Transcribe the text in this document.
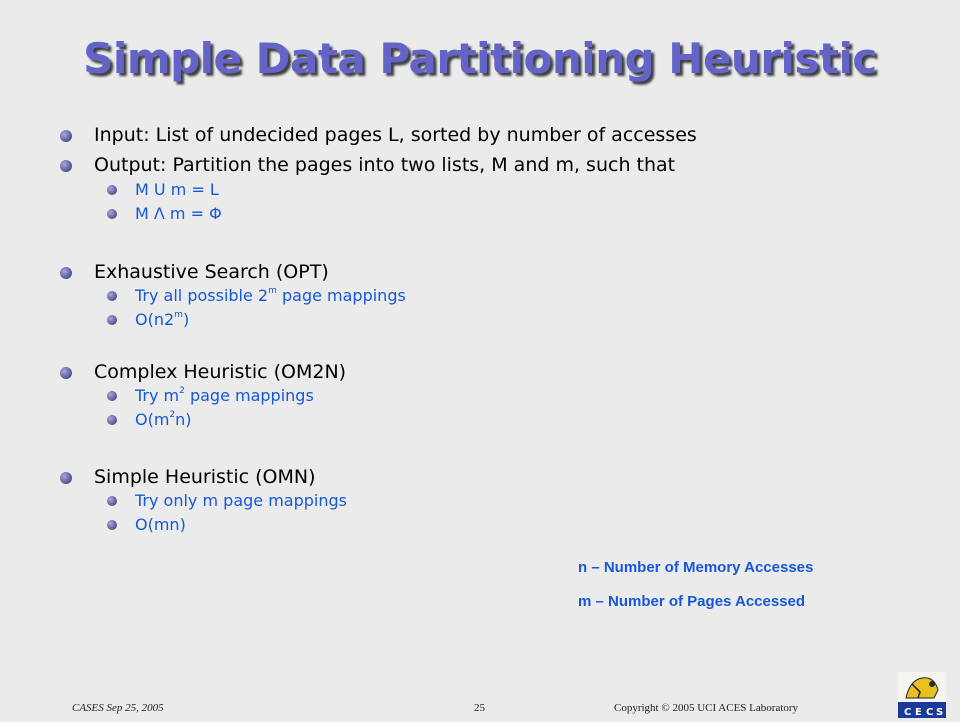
Simple Data Partitioning Heuristic
Input: List of undecided pages L, sorted by number of accesses
Output: Partition the pages into two lists, M and m, such that
M U m = L
M Λ m = Φ
Exhaustive Search (OPT)
Try all possible 2$^m$ page mappings
O(n2$^m$)
Complex Heuristic (OM2N)
Try $m^2$ page mappings
$O(m^2n)$
Simple Heuristic (OMN)
Try only m page mappings
O(mn)
n – Number of Memory Accesses
m – Number of Pages Accessed
CASES Sep 25, 2005	25	Copyright © 2005 UCI ACES Laboratory	C E C S
